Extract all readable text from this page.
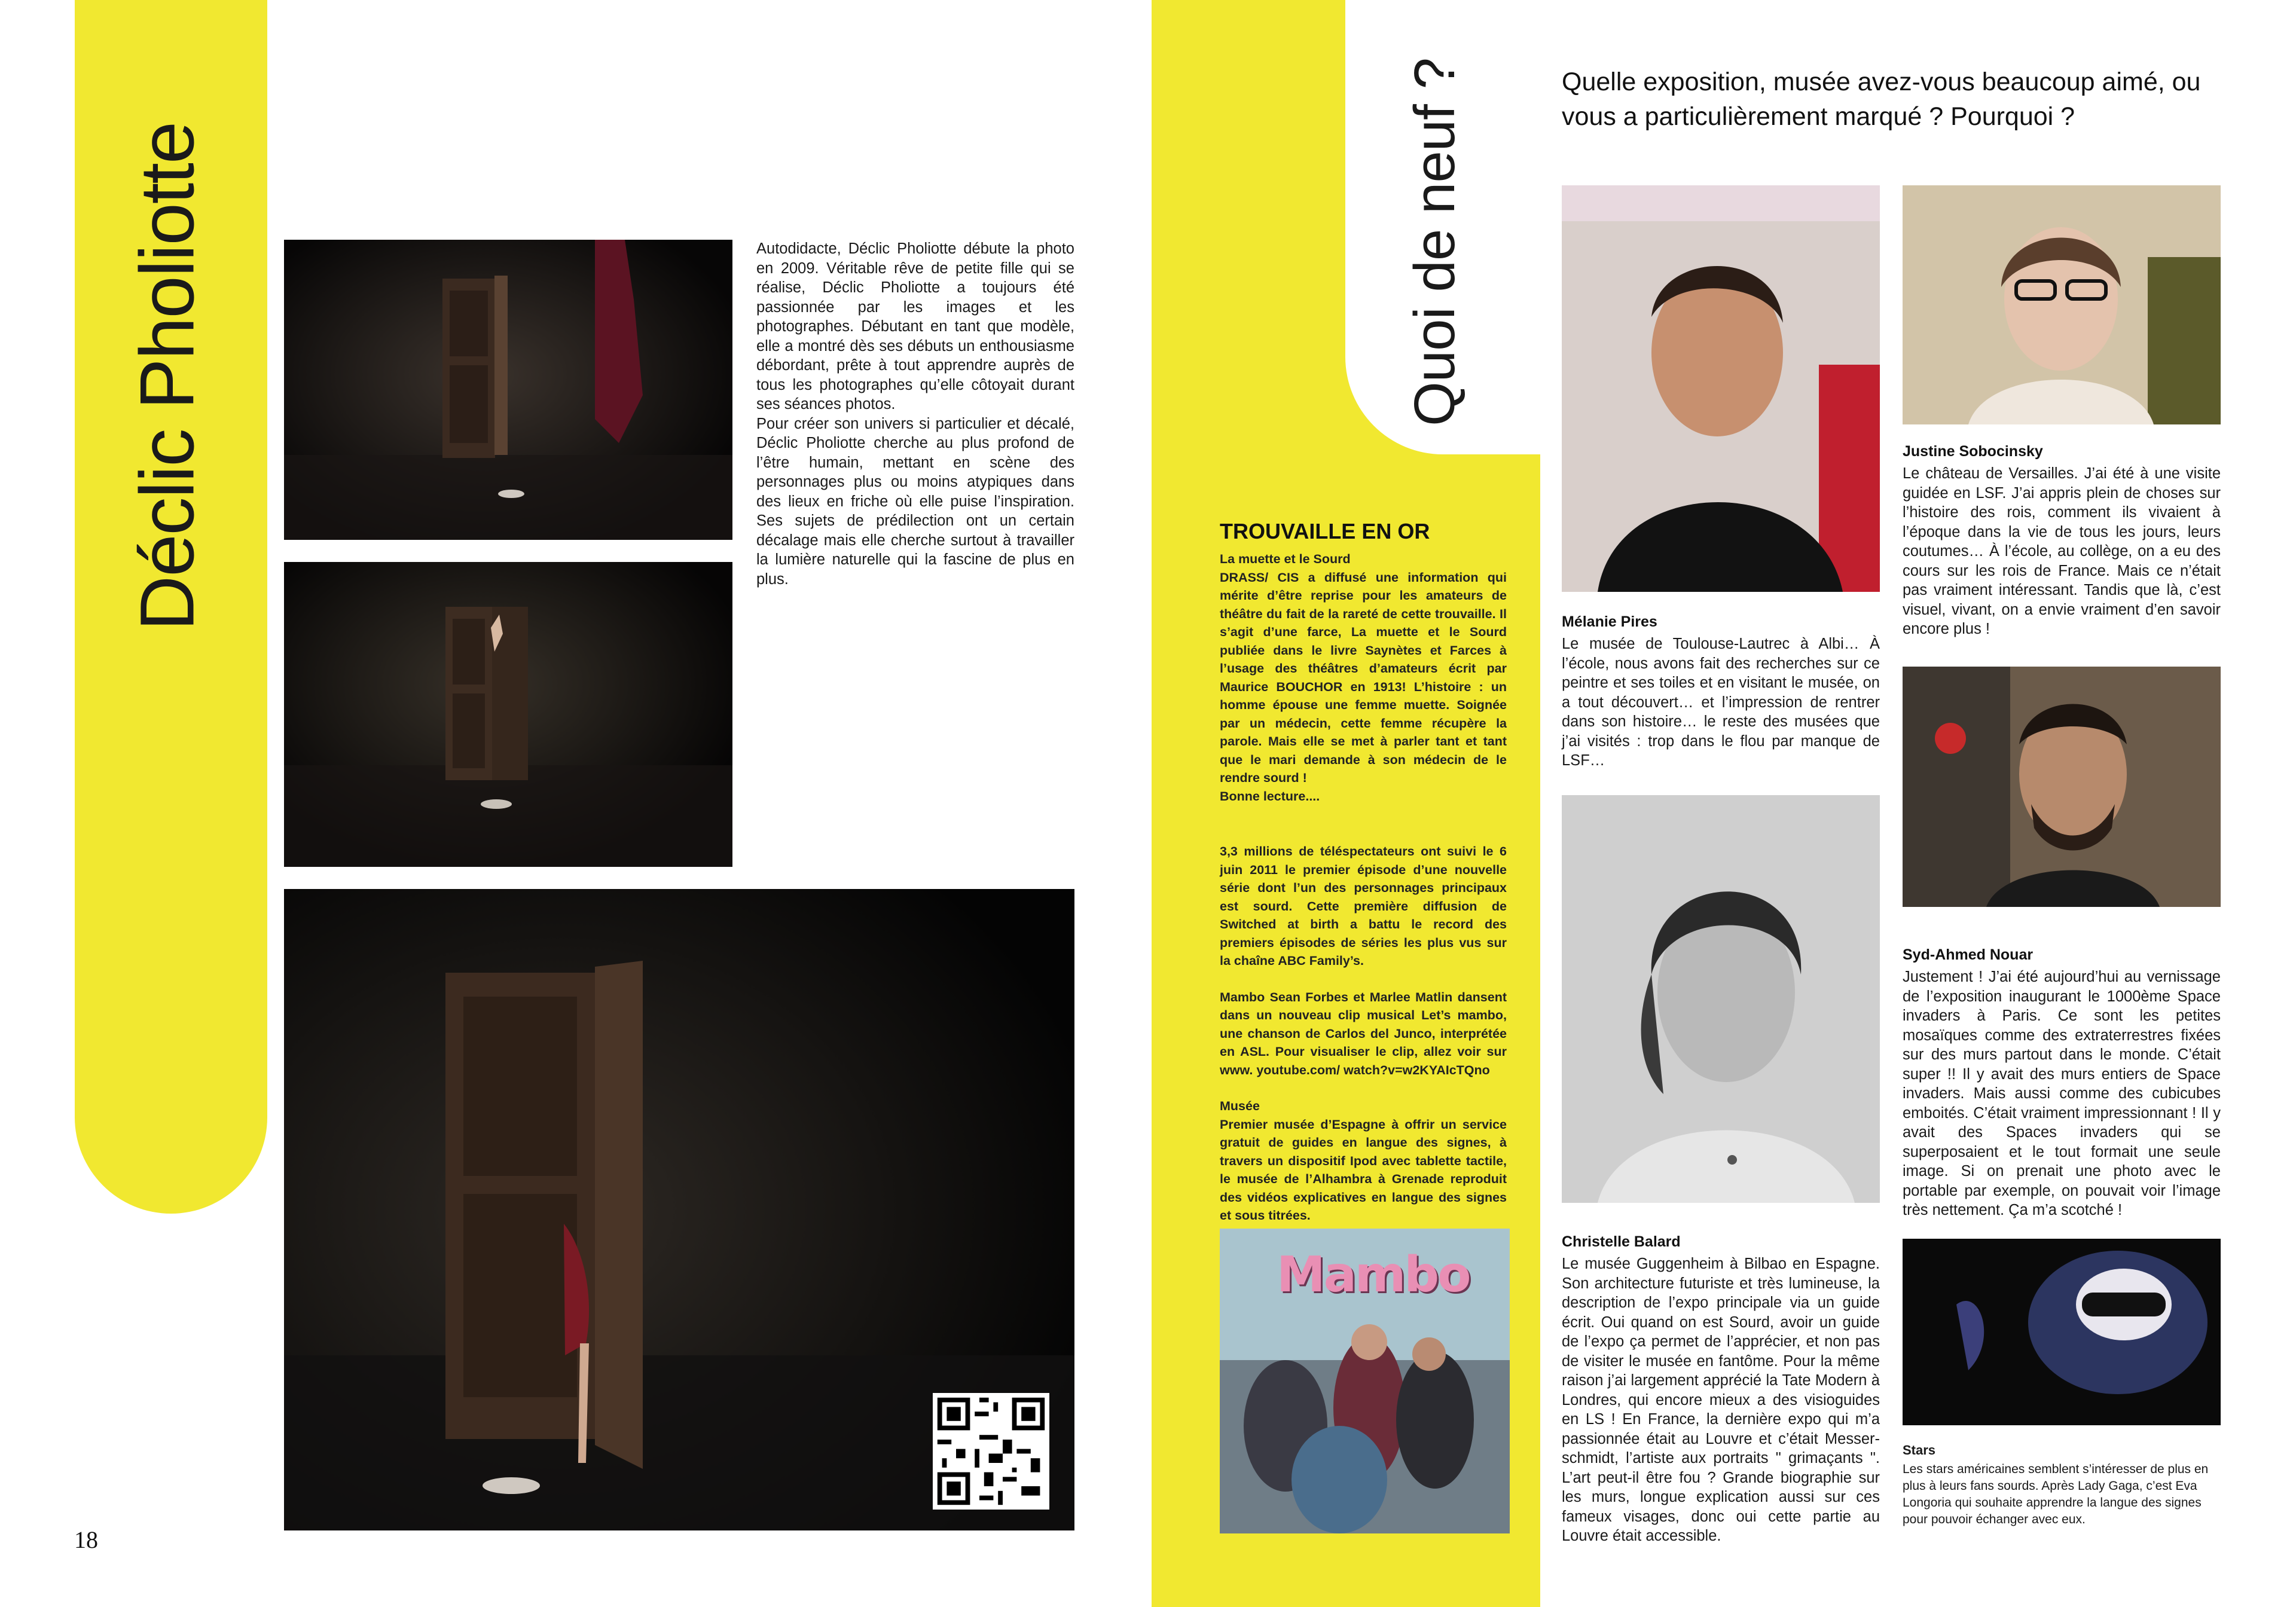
Déclic Pholiotte	Autodidacte, Déclic Pholiotte débute la photo en 2009. Véritable rêve de petite fille qui se réalise, Déclic Pholiotte a toujours été passionnée par les images et les photographes. Débutant en tant que modèle, elle a montré dès ses débuts un enthousiasme débordant, prête à tout apprendre auprès de tous les photographes qu’elle côtoyait durant ses séances photos.
Pour créer son univers si particulier et décalé, Déclic Pholiotte cherche au plus profond de l’être humain, mettant en scène des personnages plus ou moins atypiques dans des lieux en friche où elle puise l’inspiration. Ses sujets de prédilection ont un certain décalage mais elle cherche surtout à travailler la lumière naturelle qui la fascine de plus en plus.
18
Quoi de neuf ?
TROUVAILLE EN OR
La muette et le Sourd
DRASS/ CIS a diffusé une information qui mérite d’être reprise pour les amateurs de théâtre du fait de la rareté de cette trouvaille. Il s’agit d’une farce, La muette et le Sourd publiée dans le livre Saynètes et Farces à l’usage des théâtres d’amateurs écrit par Maurice BOUCHOR en 1913! L’histoire : un homme épouse une femme muette. Soignée par un médecin, cette femme récupère la parole. Mais elle se met à parler tant et tant que le mari demande à son médecin de le rendre sourd !
Bonne lecture....
3,3 millions de téléspectateurs ont suivi le 6 juin 2011 le premier épisode d’une nouvelle série dont l’un des personnages principaux est sourd. Cette première diffusion de Switched at birth a battu le record des premiers épisodes de séries les plus vus sur la chaîne ABC Family’s.
Mambo Sean Forbes et Marlee Matlin dansent dans un nouveau clip musical Let’s mambo, une chanson de Carlos del Junco, interprétée en ASL. Pour visualiser le clip, allez voir sur www. youtube.com/ watch?v=w2KYAIcTQno
Musée
Premier musée d’Espagne à offrir un service gratuit de guides en langue des signes, à travers un dispositif Ipod avec tablette tactile, le musée de l’Alhambra à Grenade reproduit des vidéos explicatives en langue des signes et sous titrées.
Mambo
Quelle exposition, musée avez-vous beaucoup aimé, ou vous a particulièrement marqué ? Pourquoi ?
Mélanie Pires
Le musée de Toulouse-Lautrec à Albi… À l’école, nous avons fait des recherches sur ce peintre et ses toiles et en visitant le musée, on a tout découvert… et l’impression de rentrer dans son histoire… le reste des musées que j’ai visités : trop dans le flou par manque de LSF…
Justine Sobocinsky
Le château de Versailles. J’ai été à une visite guidée en LSF. J’ai appris plein de choses sur l’histoire des rois, comment ils vivaient à l’époque dans la vie de tous les jours, leurs coutumes… À l’école, au collège, on a eu des cours sur les rois de France. Mais ce n’était pas vraiment intéressant. Tandis que là, c’est visuel, vivant, on a envie vraiment d’en savoir encore plus !
Christelle Balard
Le musée Guggenheim à Bilbao en Espagne. Son architecture futuriste et très lumineuse, la description de l’expo principale via un guide écrit. Oui quand on est Sourd, avoir un guide de l’expo ça permet de l’apprécier, et non pas de visiter le musée en fantôme. Pour la même raison j’ai largement apprécié la Tate Modern à Londres, qui encore mieux a des visioguides en LS ! En France, la dernière expo qui m’a passionnée était au Louvre et c’était Messer-schmidt, l’artiste aux portraits " grimaçants ". L’art peut-il être fou ? Grande biographie sur les murs, longue explication aussi sur ces fameux visages, donc oui cette partie au Louvre était accessible.
Syd-Ahmed Nouar
Justement ! J’ai été aujourd’hui au vernissage de l’exposition inaugurant le 1000ème Space invaders à Paris. Ce sont les petites mosaïques comme des extraterrestres fixées sur des murs partout dans le monde. C’était super !! Il y avait des murs entiers de Space invaders. Mais aussi comme des cubicubes emboités. C’était vraiment impressionnant ! Il y avait des Spaces invaders qui se superposaient et le tout formait une seule image. Si on prenait une photo avec le portable par exemple, on pouvait voir l’image très nettement. Ça m’a scotché !
Stars
Les stars américaines semblent s’intéresser de plus en plus à leurs fans sourds. Après Lady Gaga, c’est Eva Longoria qui souhaite apprendre la langue des signes pour pouvoir échanger avec eux.
